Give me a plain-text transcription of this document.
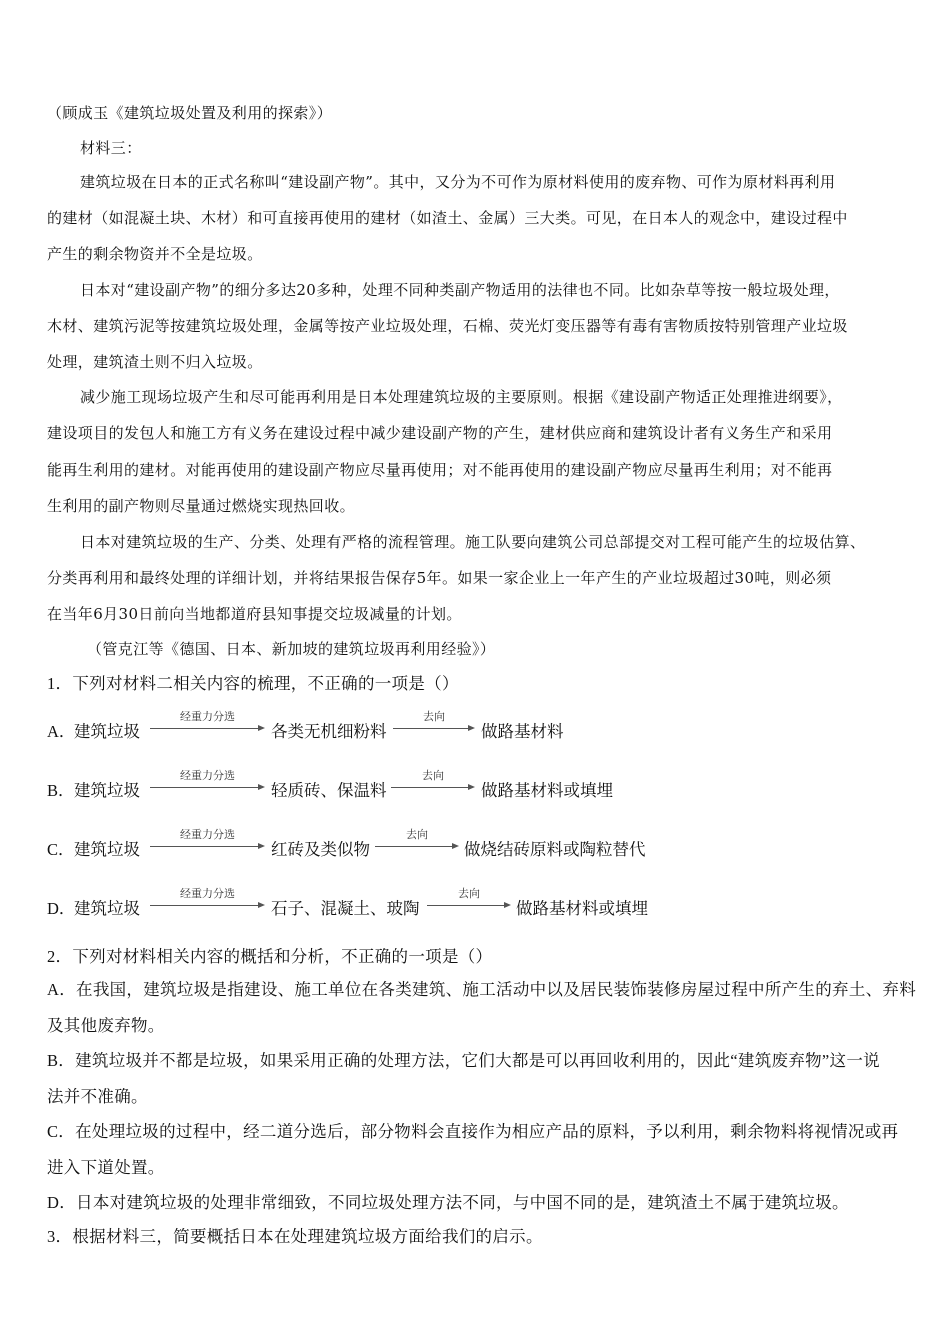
（顾成玉《建筑垃圾处置及利用的探索》）
材料三：
建筑垃圾在日本的正式名称叫“建设副产物”。其中，又分为不可作为原材料使用的废弃物、可作为原材料再利用
的建材（如混凝土块、木材）和可直接再使用的建材（如渣土、金属）三大类。可见，在日本人的观念中，建设过程中
产生的剩余物资并不全是垃圾。
日本对“建设副产物”的细分多达20多种，处理不同种类副产物适用的法律也不同。比如杂草等按一般垃圾处理，
木材、建筑污泥等按建筑垃圾处理，金属等按产业垃圾处理，石棉、荧光灯变压器等有毒有害物质按特别管理产业垃圾
处理，建筑渣土则不归入垃圾。
减少施工现场垃圾产生和尽可能再利用是日本处理建筑垃圾的主要原则。根据《建设副产物适正处理推进纲要》，
建设项目的发包人和施工方有义务在建设过程中减少建设副产物的产生，建材供应商和建筑设计者有义务生产和采用
能再生利用的建材。对能再使用的建设副产物应尽量再使用；对不能再使用的建设副产物应尽量再生利用；对不能再
生利用的副产物则尽量通过燃烧实现热回收。
日本对建筑垃圾的生产、分类、处理有严格的流程管理。施工队要向建筑公司总部提交对工程可能产生的垃圾估算、
分类再利用和最终处理的详细计划，并将结果报告保存5年。如果一家企业上一年产生的产业垃圾超过30吨，则必须
在当年6月30日前向当地都道府县知事提交垃圾减量的计划。
（管克江等《德国、日本、新加坡的建筑垃圾再利用经验》）
1．下列对材料二相关内容的梳理，不正确的一项是（）
A．
建筑垃圾
经重力分选
各类无机细粉料
去向
做路基材料
B． 建筑垃圾
经重力分选
轻质砖、保温料
去向
做路基材料或填埋
C． 建筑垃圾
经重力分选
红砖及类似物
去向
做烧结砖原料或陶粒替代
D．
建筑垃圾
经重力分选
石子、混凝土、玻陶
去向
做路基材料或填埋
2．下列对材料相关内容的概括和分析，不正确的一项是（）
A．在我国，建筑垃圾是指建设、施工单位在各类建筑、施工活动中以及居民装饰装修房屋过程中所产生的弃土、弃料
及其他废弃物。
B．建筑垃圾并不都是垃圾，如果采用正确的处理方法，它们大都是可以再回收利用的，因此“建筑废弃物”这一说
法并不准确。
C．在处理垃圾的过程中，经二道分选后，部分物料会直接作为相应产品的原料，予以利用，剩余物料将视情况或再
进入下道处置。
D．日本对建筑垃圾的处理非常细致，不同垃圾处理方法不同，与中国不同的是，建筑渣土不属于建筑垃圾。
3．根据材料三，简要概括日本在处理建筑垃圾方面给我们的启示。
